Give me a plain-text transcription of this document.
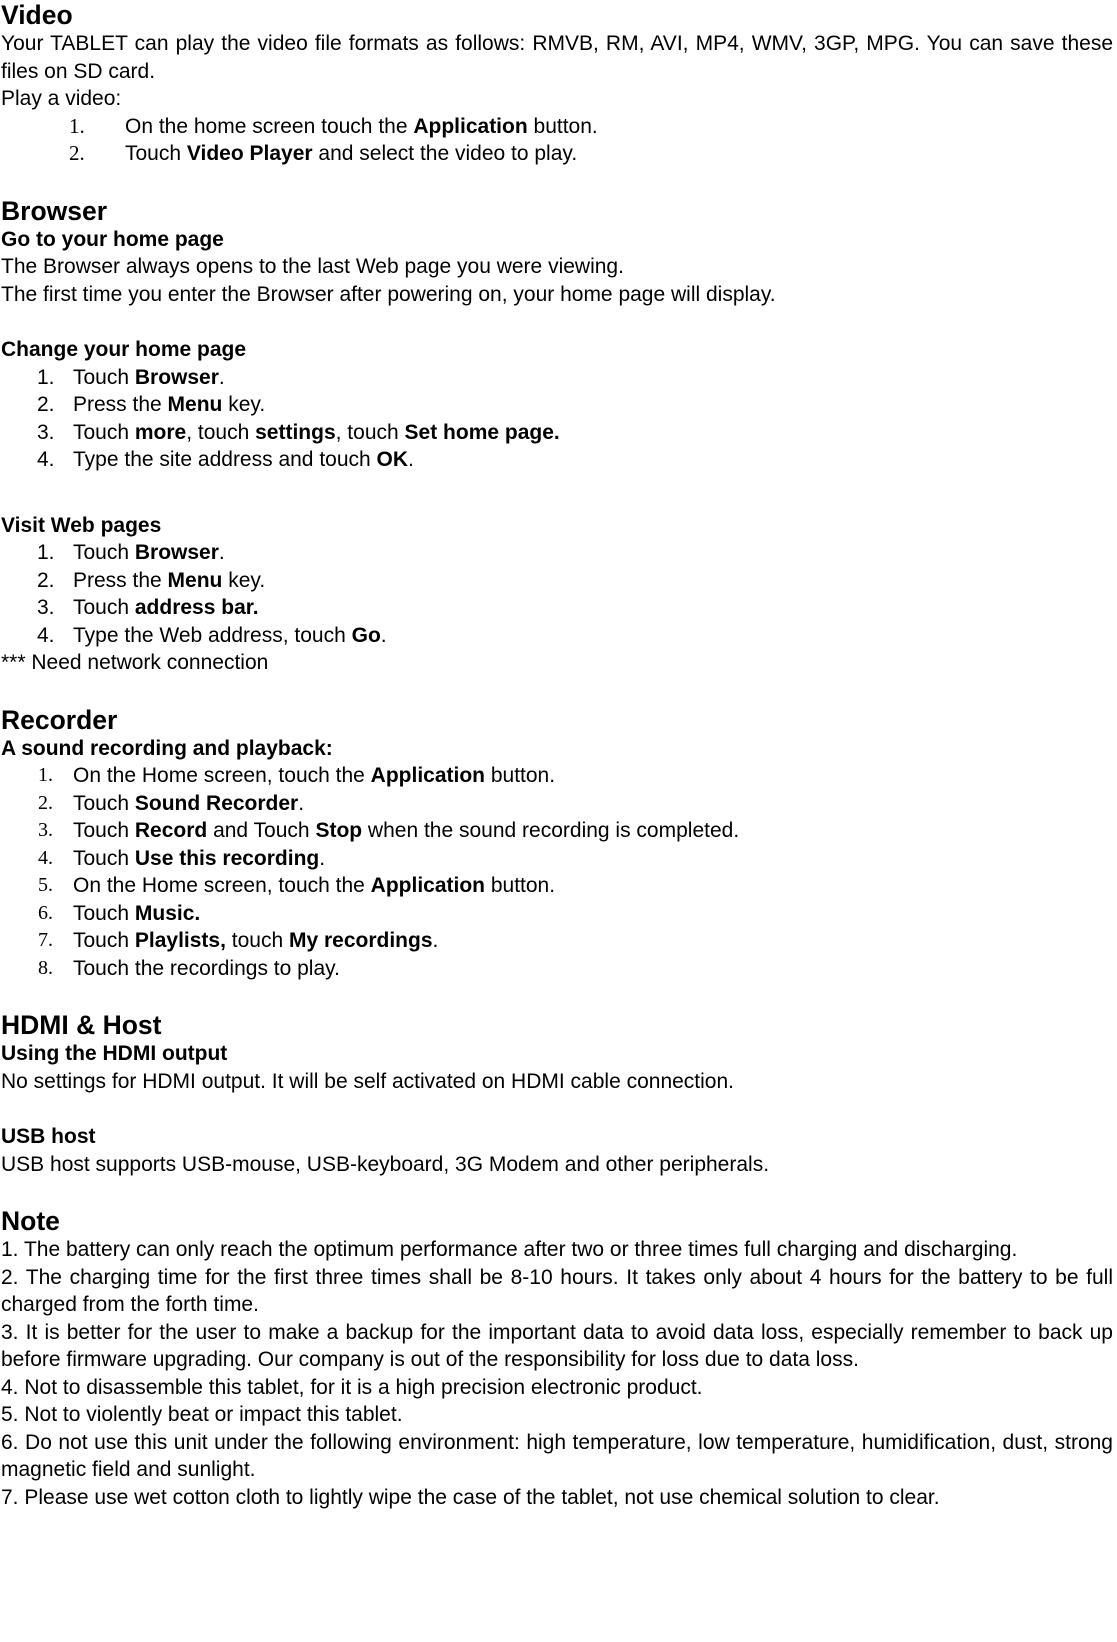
Video

Your TABLET can play the video file formats as follows: RMVB, RM, AVI, MP4, WMV, 3GP, MPG. You can save these files on SD card.

Play a video:

1.	On the home screen touch the Application button.
2.	Touch Video Player and select the video to play.
Browser
Go to your home page

The Browser always opens to the last Web page you were viewing.

The first time you enter the Browser after powering on, your home page will display.

Change your home page
1. Touch Browser.
2. Press the Menu key.
3. Touch more, touch settings, touch Set home page.
4. Type the site address and touch OK.
Visit Web pages
1. Touch Browser.
2. Press the Menu key.
3. Touch address bar.
4. Type the Web address, touch Go.

*** Need network connection

Recorder
A sound recording and playback:
1. On the Home screen, touch the Application button.
2. Touch Sound Recorder.
3. Touch Record and Touch Stop when the sound recording is completed.
4. Touch Use this recording.
5. On the Home screen, touch the Application button.
6. Touch Music.
7. Touch Playlists, touch My recordings.
8. Touch the recordings to play.
HDMI & Host
Using the HDMI output

No settings for HDMI output. It will be self activated on HDMI cable connection.

USB host

USB host supports USB-mouse, USB-keyboard, 3G Modem and other peripherals.

Note

1. The battery can only reach the optimum performance after two or three times full charging and discharging.

2. The charging time for the first three times shall be 8-10 hours. It takes only about 4 hours for the battery to be full charged from the forth time.

3. It is better for the user to make a backup for the important data to avoid data loss, especially remember to back up before firmware upgrading. Our company is out of the responsibility for loss due to data loss.

4. Not to disassemble this tablet, for it is a high precision electronic product.

5. Not to violently beat or impact this tablet.

6. Do not use this unit under the following environment: high temperature, low temperature, humidification, dust, strong magnetic field and sunlight.

7. Please use wet cotton cloth to lightly wipe the case of the tablet, not use chemical solution to clear.
